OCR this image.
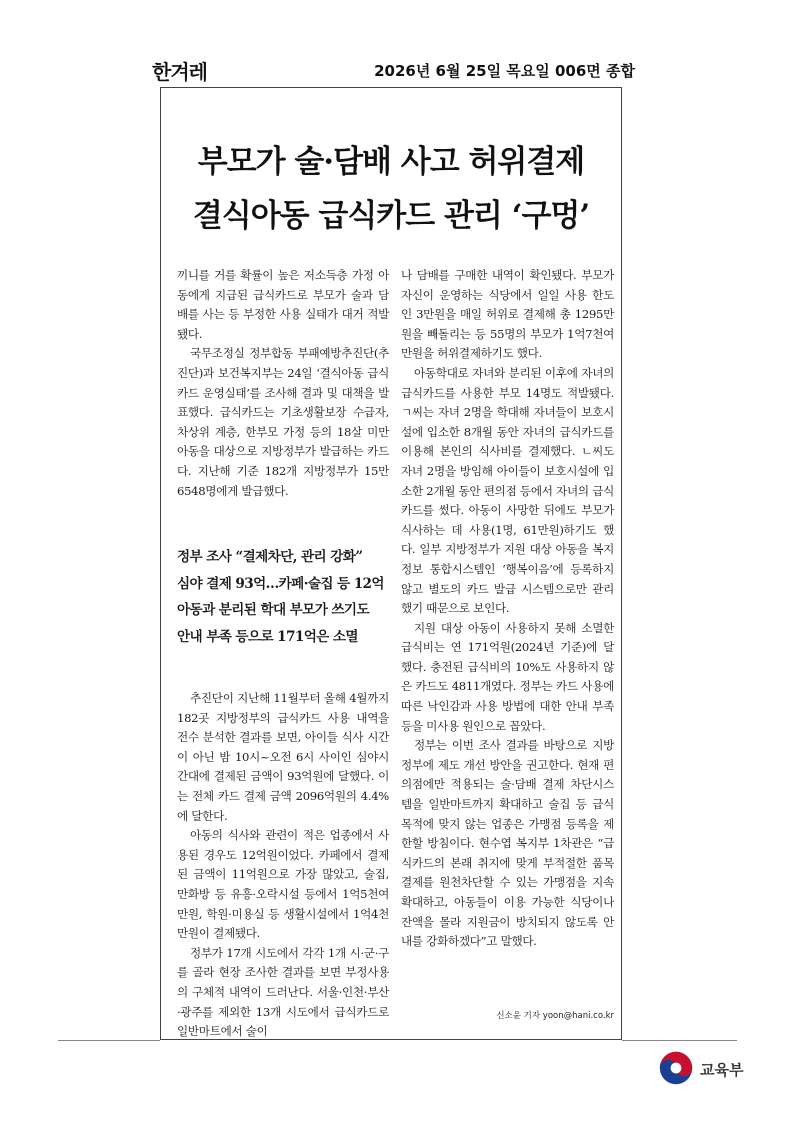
한겨레	2026년 6월 25일 목요일 006면 종합
부모가 술·담배 사고 허위결제
결식아동 급식카드 관리 ‘구멍’

끼니를 거를 확률이 높은 저소득층 가정 아동에게 지급된 급식카드로 부모가 술과 담배를 사는 등 부정한 사용 실태가 대거 적발됐다.

국무조정실 정부합동 부패예방추진단(추진단)과 보건복지부는 24일 ‘결식아동 급식카드 운영실태’를 조사해 결과 및 대책을 발표했다. 급식카드는 기초생활보장 수급자, 차상위 계층, 한부모 가정 등의 18살 미만 아동을 대상으로 지방정부가 발급하는 카드다. 지난해 기준 182개 지방정부가 15만6548명에게 발급했다.

정부 조사 “결제차단, 관리 강화”
심야 결제 93억…카페·술집 등 12억
아동과 분리된 학대 부모가 쓰기도
안내 부족 등으로 171억은 소멸

추진단이 지난해 11월부터 올해 4월까지 182곳 지방정부의 급식카드 사용 내역을 전수 분석한 결과를 보면, 아이들 식사 시간이 아닌 밤 10시~오전 6시 사이인 심야시간대에 결제된 금액이 93억원에 달했다. 이는 전체 카드 결제 금액 2096억원의 4.4%에 달한다.

아동의 식사와 관련이 적은 업종에서 사용된 경우도 12억원이었다. 카페에서 결제된 금액이 11억원으로 가장 많았고, 술집, 만화방 등 유흥·오락시설 등에서 1억5천여만원, 학원·미용실 등 생활시설에서 1억4천만원이 결제됐다.

정부가 17개 시도에서 각각 1개 시·군·구를 골라 현장 조사한 결과를 보면 부정사용의 구체적 내역이 드러난다. 서울·인천·부산·광주를 제외한 13개 시도에서 급식카드로 일반마트에서 술이

나 담배를 구매한 내역이 확인됐다. 부모가 자신이 운영하는 식당에서 일일 사용 한도인 3만원을 매일 허위로 결제해 총 1295만원을 빼돌리는 등 55명의 부모가 1억7천여만원을 허위결제하기도 했다.

아동학대로 자녀와 분리된 이후에 자녀의 급식카드를 사용한 부모 14명도 적발됐다. ㄱ씨는 자녀 2명을 학대해 자녀들이 보호시설에 입소한 8개월 동안 자녀의 급식카드를 이용해 본인의 식사비를 결제했다. ㄴ씨도 자녀 2명을 방임해 아이들이 보호시설에 입소한 2개월 동안 편의점 등에서 자녀의 급식카드를 썼다. 아동이 사망한 뒤에도 부모가 식사하는 데 사용(1명, 61만원)하기도 했다. 일부 지방정부가 지원 대상 아동을 복지정보 통합시스템인 ‘행복이음’에 등록하지 않고 별도의 카드 발급 시스템으로만 관리했기 때문으로 보인다.

지원 대상 아동이 사용하지 못해 소멸한 급식비는 연 171억원(2024년 기준)에 달했다. 충전된 급식비의 10%도 사용하지 않은 카드도 4811개였다. 정부는 카드 사용에 따른 낙인감과 사용 방법에 대한 안내 부족 등을 미사용 원인으로 꼽았다.

정부는 이번 조사 결과를 바탕으로 지방정부에 제도 개선 방안을 권고한다. 현재 편의점에만 적용되는 술·담배 결제 차단시스템을 일반마트까지 확대하고 술집 등 급식 목적에 맞지 않는 업종은 가맹점 등록을 제한할 방침이다. 현수엽 복지부 1차관은 “급식카드의 본래 취지에 맞게 부적절한 품목 결제를 원천차단할 수 있는 가맹점을 지속 확대하고, 아동들이 이용 가능한 식당이나 잔액을 몰라 지원금이 방치되지 않도록 안내를 강화하겠다”고 말했다.

신소윤 기자 yoon@hani.co.kr
교육부
